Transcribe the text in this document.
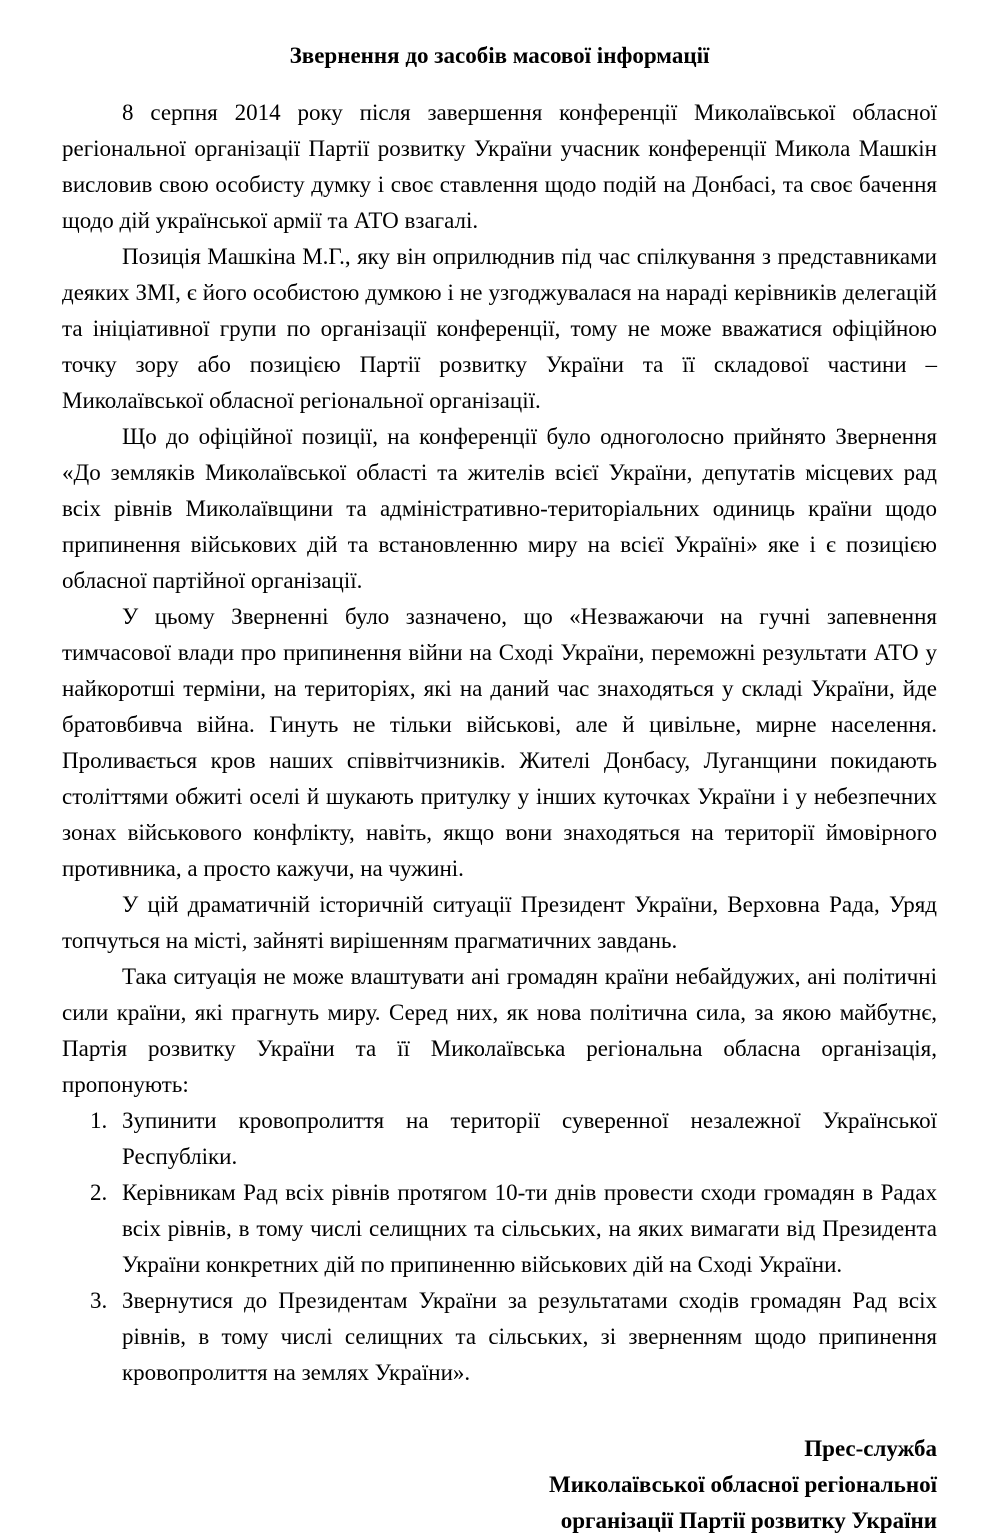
Звернення до засобів масової інформації

8 серпня 2014 року після завершення конференції Миколаївської обласної регіональної організації Партії розвитку України учасник конференції Микола Машкін висловив свою особисту думку і своє ставлення щодо подій на Донбасі, та своє бачення щодо дій української армії та АТО взагалі.

Позиція Машкіна М.Г., яку він оприлюднив під час спілкування з представниками деяких ЗМІ, є його особистою думкою і не узгоджувалася на нараді керівників делегацій та ініціативної групи по організації конференції, тому не може вважатися офіційною точку зору або позицією Партії розвитку України та її складової частини – Миколаївської обласної регіональної організації.

Що до офіційної позиції, на конференції було одноголосно прийнято Звернення «До земляків Миколаївської області та жителів всієї України, депутатів місцевих рад всіх рівнів Миколаївщини та адміністративно-територіальних одиниць країни щодо припинення військових дій та встановленню миру на всієї Україні» яке і є позицією обласної партійної організації.

У цьому Зверненні було зазначено, що «Незважаючи на гучні запевнення тимчасової влади про припинення війни на Сході України, переможні результати АТО у найкоротші терміни, на територіях, які на даний час знаходяться у складі України, йде братовбивча війна. Гинуть не тільки військові, але й цивільне, мирне населення. Проливається кров наших співвітчизників. Жителі Донбасу, Луганщини покидають століттями обжиті оселі й шукають притулку у інших куточках України і у небезпечних зонах військового конфлікту, навіть, якщо вони знаходяться на території ймовірного противника, а просто кажучи, на чужині.

У цій драматичній історичній ситуації Президент України, Верховна Рада, Уряд топчуться на місті, зайняті вирішенням прагматичних завдань.

Така ситуація не може влаштувати ані громадян країни небайдужих, ані політичні сили країни, які прагнуть миру. Серед них, як нова політична сила, за якою майбутнє, Партія розвитку України та її Миколаївська регіональна обласна організація, пропонують:

1. Зупинити кровопролиття на території суверенної незалежної Української Республіки.
2. Керівникам Рад всіх рівнів протягом 10-ти днів провести сходи громадян в Радах всіх рівнів, в тому числі селищних та сільських, на яких вимагати від Президента України конкретних дій по припиненню військових дій на Сході України.
3. Звернутися до Президентам України за результатами сходів громадян Рад всіх рівнів, в тому числі селищних та сільських, зі зверненням щодо припинення кровопролиття на землях України».
Прес-служба
Миколаївської обласної регіональної
організації Партії розвитку України
